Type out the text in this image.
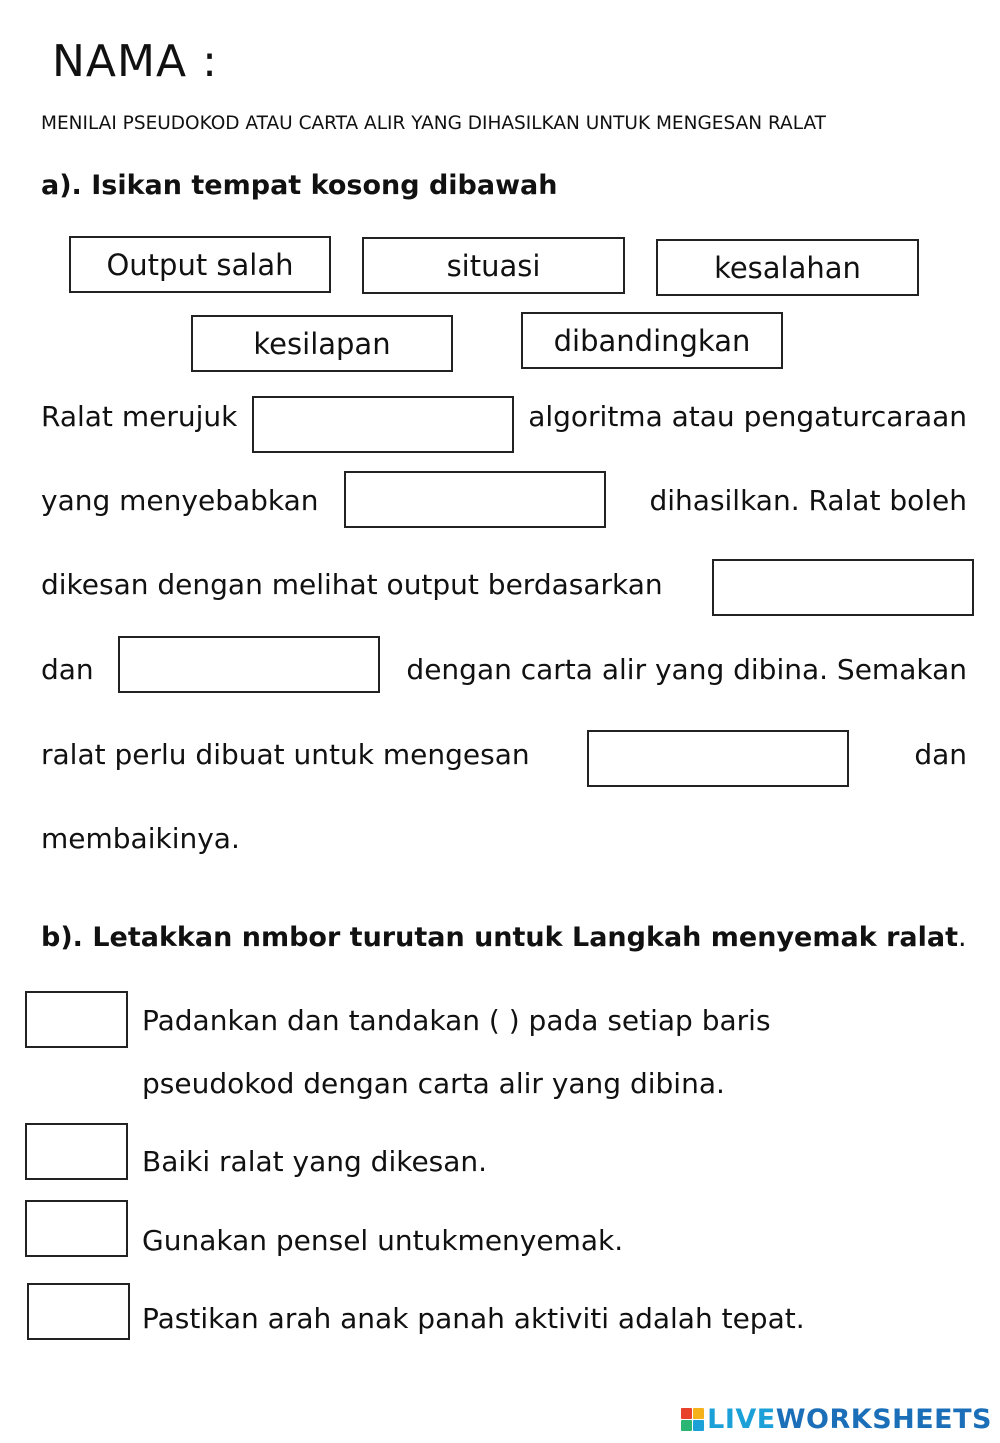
NAMA :
MENILAI PSEUDOKOD ATAU CARTA ALIR YANG DIHASILKAN UNTUK MENGESAN RALAT
a). Isikan tempat kosong dibawah
Output salah	situasi	kesalahan
kesilapan	dibandingkan
Ralat merujuk	algoritma atau pengaturcaraan
yang menyebabkan	dihasilkan. Ralat boleh
dikesan dengan melihat output berdasarkan
dan	dengan carta alir yang dibina. Semakan
ralat perlu dibuat untuk mengesan	dan
membaikinya.
b). Letakkan nmbor turutan untuk Langkah menyemak ralat.
Padankan dan tandakan ( ) pada setiap baris
pseudokod dengan carta alir yang dibina.
Baiki ralat yang dikesan.
Gunakan pensel untukmenyemak.
Pastikan arah anak panah aktiviti adalah tepat.
LIVEWORKSHEETS
